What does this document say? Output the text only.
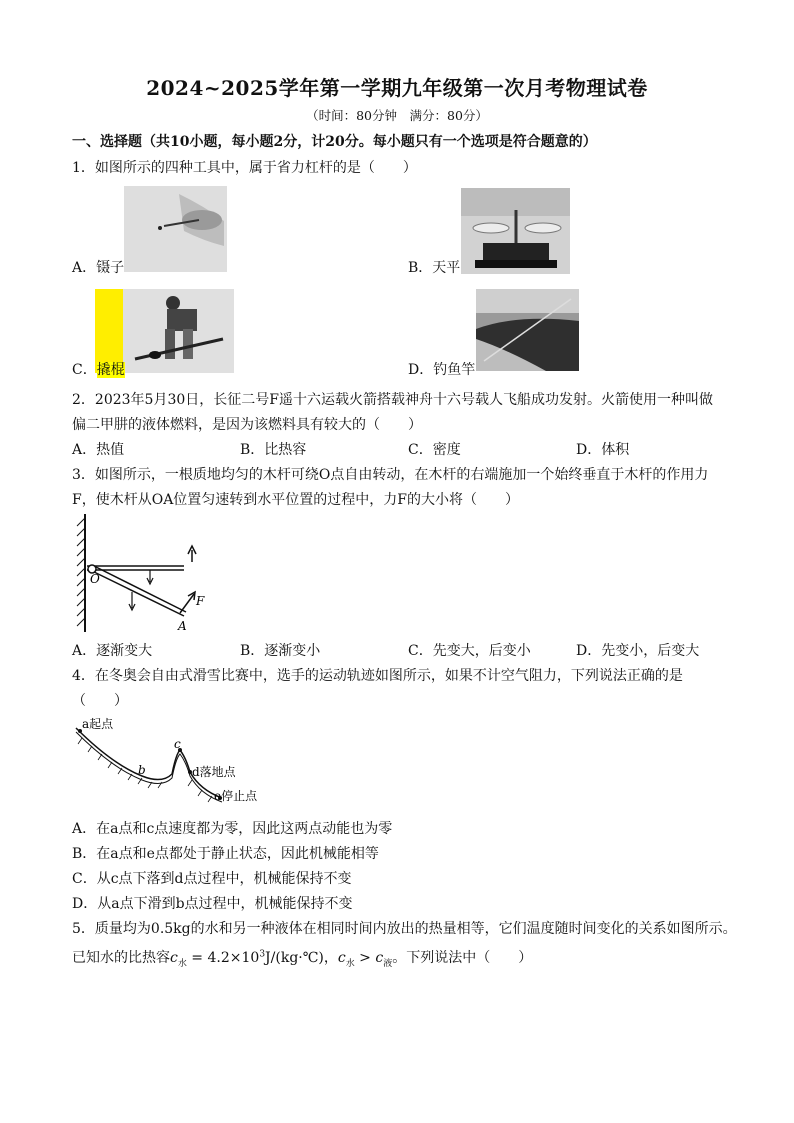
2024~2025学年第一学期九年级第一次月考物理试卷
（时间：80分钟　满分：80分）
一、选择题（共10小题，每小题2分，计20分。每小题只有一个选项是符合题意的）
1．如图所示的四种工具中，属于省力杠杆的是（　　）
A．镊子	B．天平
C．撬棍	D．钓鱼竿
2．2023年5月30日，长征二号F遥十六运载火箭搭载神舟十六号载人飞船成功发射。火箭使用一种叫做
偏二甲肼的液体燃料，是因为该燃料具有较大的（　　）
A．热值	B．比热容	C．密度	D．体积
3．如图所示，一根质地均匀的木杆可绕O点自由转动，在木杆的右端施加一个始终垂直于木杆的作用力
F，使木杆从OA位置匀速转到水平位置的过程中，力F的大小将（　　）
O
F
A
A．逐渐变大	B．逐渐变小	C．先变大，后变小	D．先变小，后变大
4．在冬奥会自由式滑雪比赛中，选手的运动轨迹如图所示，如果不计空气阻力，下列说法正确的是
（　　）
a起点
b
c
d落地点
e停止点
A．在a点和c点速度都为零，因此这两点动能也为零
B．在a点和e点都处于静止状态，因此机械能相等
C．从c点下落到d点过程中，机械能保持不变
D．从a点下滑到b点过程中，机械能保持不变
5．质量均为0.5kg的水和另一种液体在相同时间内放出的热量相等，它们温度随时间变化的关系如图所示。
已知水的比热容$c_水$ = $4.2\times 10^3J/(kg\cdot℃)$，$c_水 > c_液$。下列说法中（　　）
